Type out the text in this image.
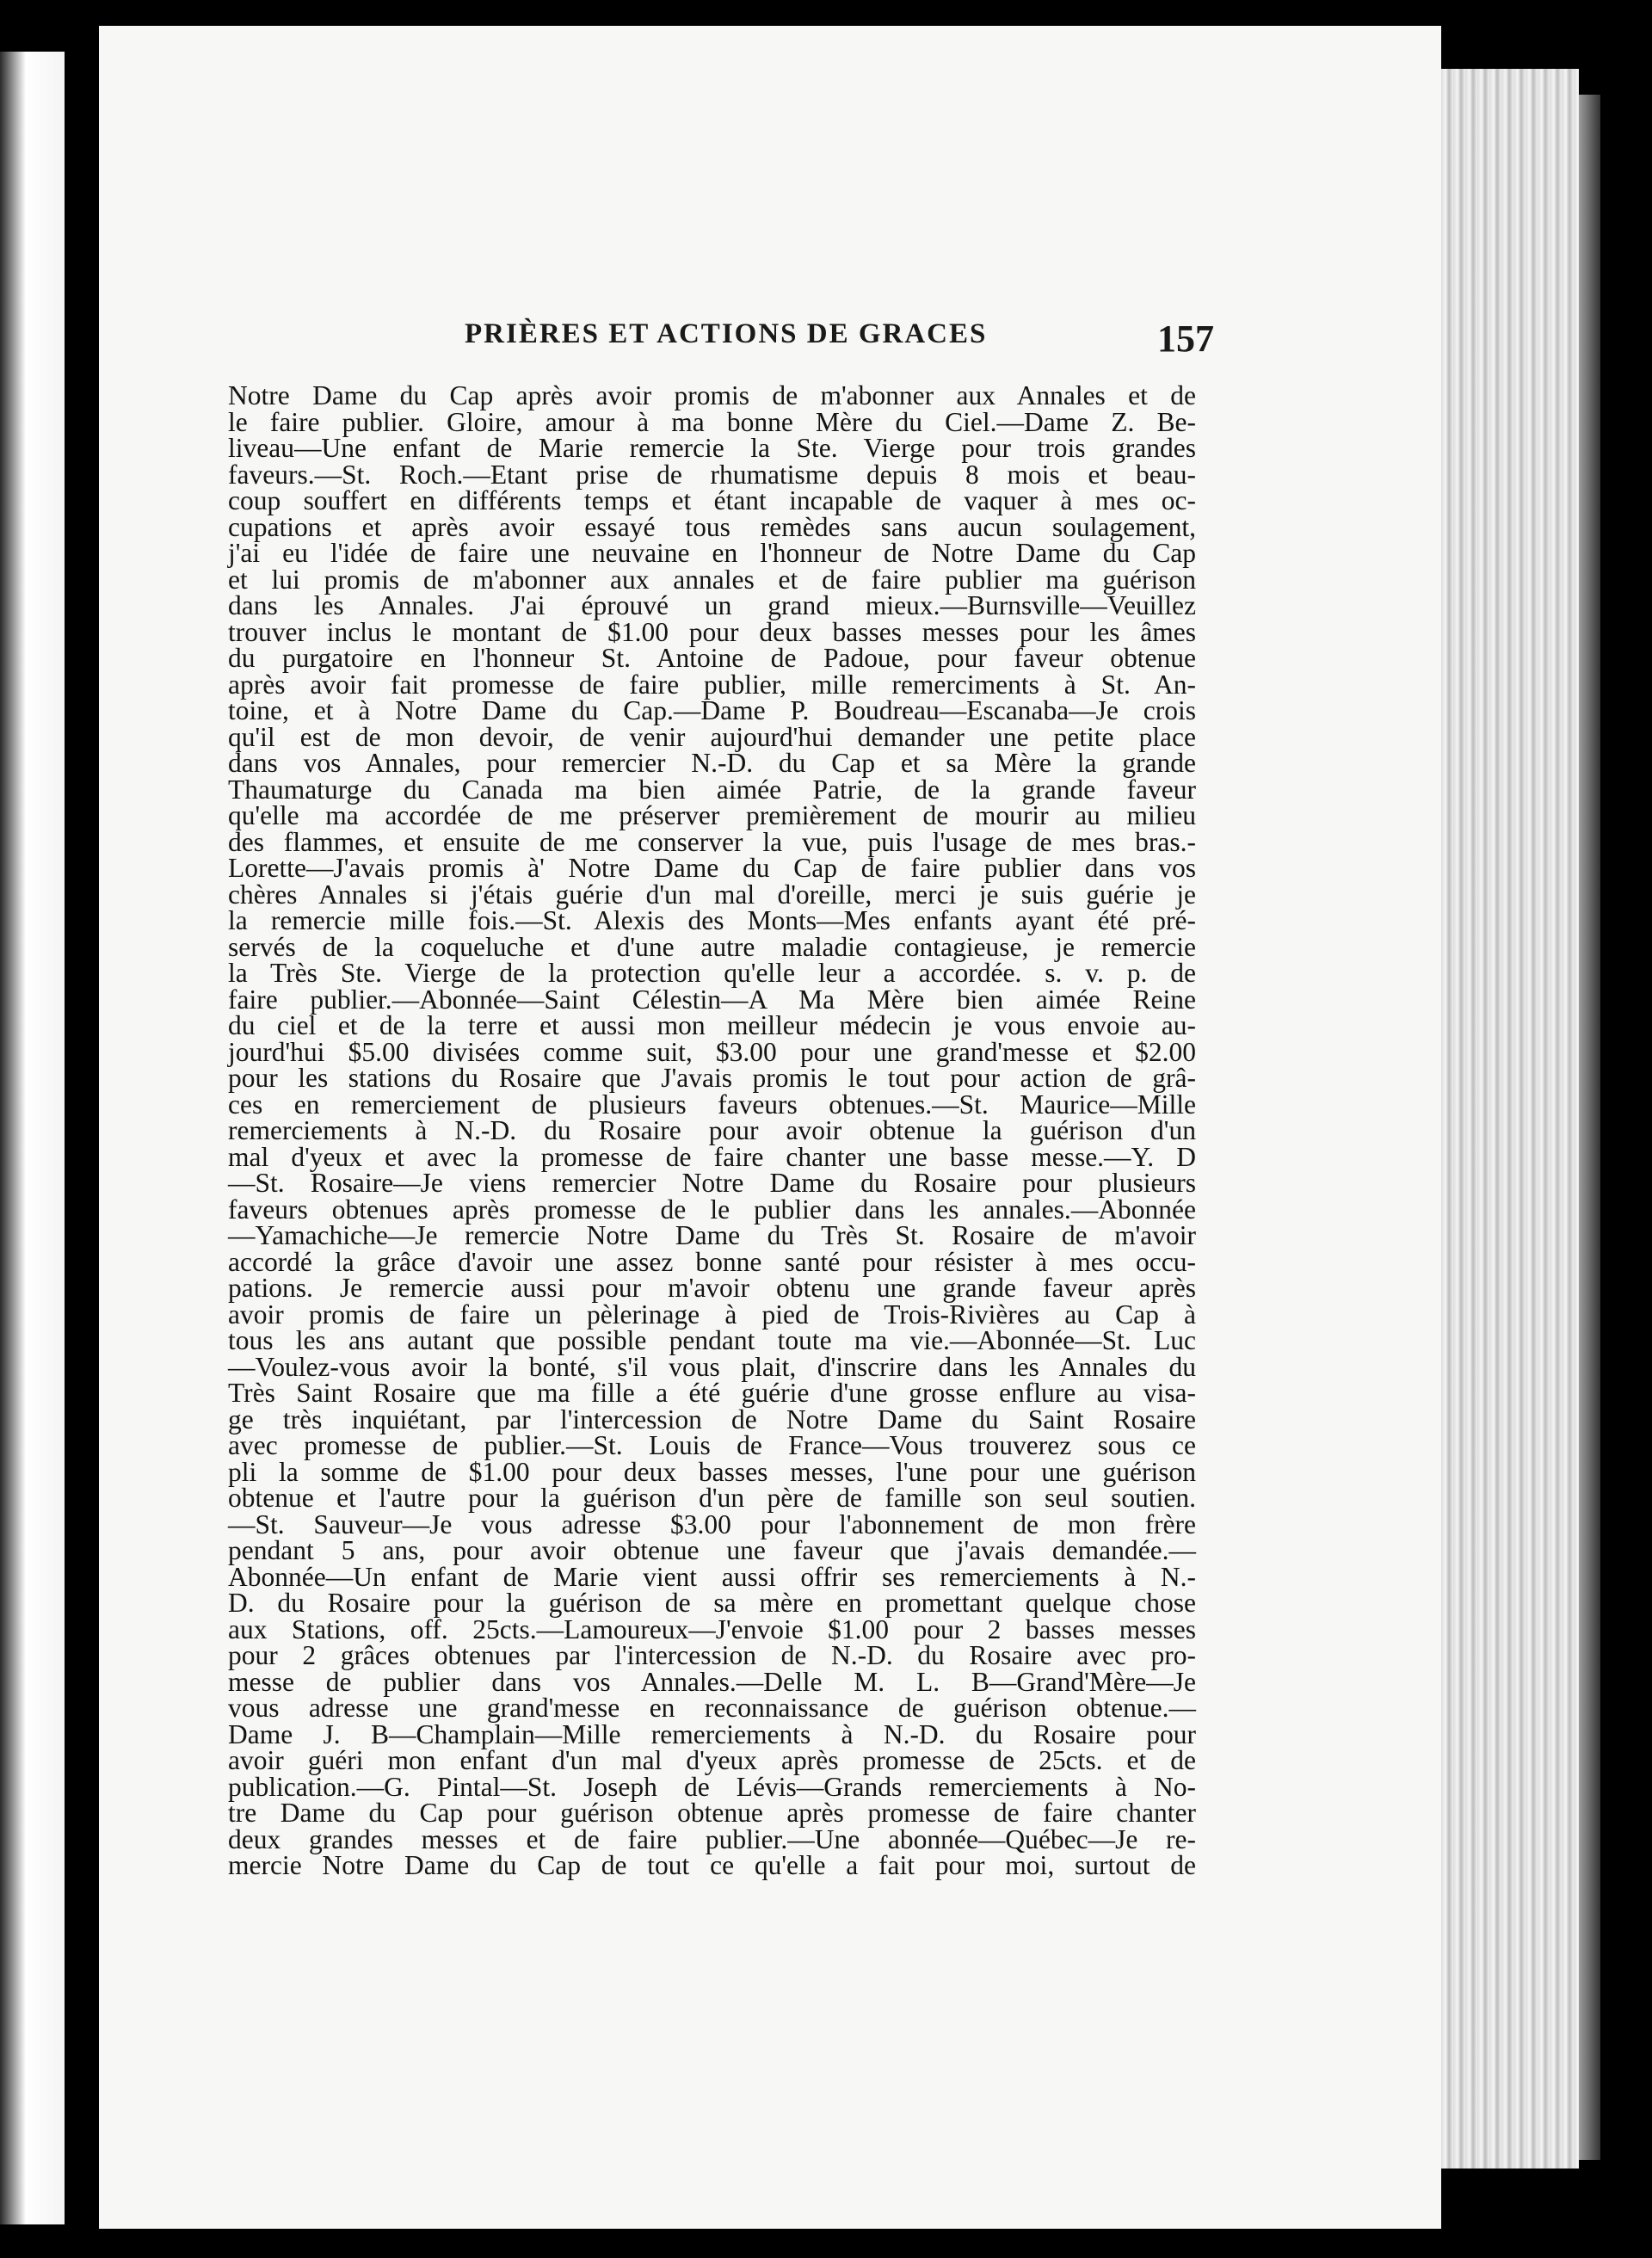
PRIÈRES ET ACTIONS DE GRACES	157
Notre Dame du Cap après avoir promis de m'abonner aux Annales et de
le faire publier. Gloire, amour à ma bonne Mère du Ciel.—Dame Z. Be-
liveau—Une enfant de Marie remercie la Ste. Vierge pour trois grandes
faveurs.—St. Roch.—Etant prise de rhumatisme depuis 8 mois et beau-
coup souffert en différents temps et étant incapable de vaquer à mes oc-
cupations et après avoir essayé tous remèdes sans aucun soulagement,
j'ai eu l'idée de faire une neuvaine en l'honneur de Notre Dame du Cap
et lui promis de m'abonner aux annales et de faire publier ma guérison
dans les Annales. J'ai éprouvé un grand mieux.—Burnsville—Veuillez
trouver inclus le montant de $1.00 pour deux basses messes pour les âmes
du purgatoire en l'honneur St. Antoine de Padoue, pour faveur obtenue
après avoir fait promesse de faire publier, mille remerciments à St. An-
toine, et à Notre Dame du Cap.—Dame P. Boudreau—Escanaba—Je crois
qu'il est de mon devoir, de venir aujourd'hui demander une petite place
dans vos Annales, pour remercier N.-D. du Cap et sa Mère la grande
Thaumaturge du Canada ma bien aimée Patrie, de la grande faveur
qu'elle ma accordée de me préserver premièrement de mourir au milieu
des flammes, et ensuite de me conserver la vue, puis l'usage de mes bras.-
Lorette—J'avais promis à' Notre Dame du Cap de faire publier dans vos
chères Annales si j'étais guérie d'un mal d'oreille, merci je suis guérie je
la remercie mille fois.—St. Alexis des Monts—Mes enfants ayant été pré-
servés de la coqueluche et d'une autre maladie contagieuse, je remercie
la Très Ste. Vierge de la protection qu'elle leur a accordée. s. v. p. de
faire publier.—Abonnée—Saint Célestin—A Ma Mère bien aimée Reine
du ciel et de la terre et aussi mon meilleur médecin je vous envoie au-
jourd'hui $5.00 divisées comme suit, $3.00 pour une grand'messe et $2.00
pour les stations du Rosaire que J'avais promis le tout pour action de grâ-
ces en remerciement de plusieurs faveurs obtenues.—St. Maurice—Mille
remerciements à N.-D. du Rosaire pour avoir obtenue la guérison d'un
mal d'yeux et avec la promesse de faire chanter une basse messe.—Y. D
—St. Rosaire—Je viens remercier Notre Dame du Rosaire pour plusieurs
faveurs obtenues après promesse de le publier dans les annales.—Abonnée
—Yamachiche—Je remercie Notre Dame du Très St. Rosaire de m'avoir
accordé la grâce d'avoir une assez bonne santé pour résister à mes occu-
pations. Je remercie aussi pour m'avoir obtenu une grande faveur après
avoir promis de faire un pèlerinage à pied de Trois-Rivières au Cap à
tous les ans autant que possible pendant toute ma vie.—Abonnée—St. Luc
—Voulez-vous avoir la bonté, s'il vous plait, d'inscrire dans les Annales du
Très Saint Rosaire que ma fille a été guérie d'une grosse enflure au visa-
ge très inquiétant, par l'intercession de Notre Dame du Saint Rosaire
avec promesse de publier.—St. Louis de France—Vous trouverez sous ce
pli la somme de $1.00 pour deux basses messes, l'une pour une guérison
obtenue et l'autre pour la guérison d'un père de famille son seul soutien.
—St. Sauveur—Je vous adresse $3.00 pour l'abonnement de mon frère
pendant 5 ans, pour avoir obtenue une faveur que j'avais demandée.—
Abonnée—Un enfant de Marie vient aussi offrir ses remerciements à N.-
D. du Rosaire pour la guérison de sa mère en promettant quelque chose
aux Stations, off. 25cts.—Lamoureux—J'envoie $1.00 pour 2 basses messes
pour 2 grâces obtenues par l'intercession de N.-D. du Rosaire avec pro-
messe de publier dans vos Annales.—Delle M. L. B—Grand'Mère—Je
vous adresse une grand'messe en reconnaissance de guérison obtenue.—
Dame J. B—Champlain—Mille remerciements à N.-D. du Rosaire pour
avoir guéri mon enfant d'un mal d'yeux après promesse de 25cts. et de
publication.—G. Pintal—St. Joseph de Lévis—Grands remerciements à No-
tre Dame du Cap pour guérison obtenue après promesse de faire chanter
deux grandes messes et de faire publier.—Une abonnée—Québec—Je re-
mercie Notre Dame du Cap de tout ce qu'elle a fait pour moi, surtout de
